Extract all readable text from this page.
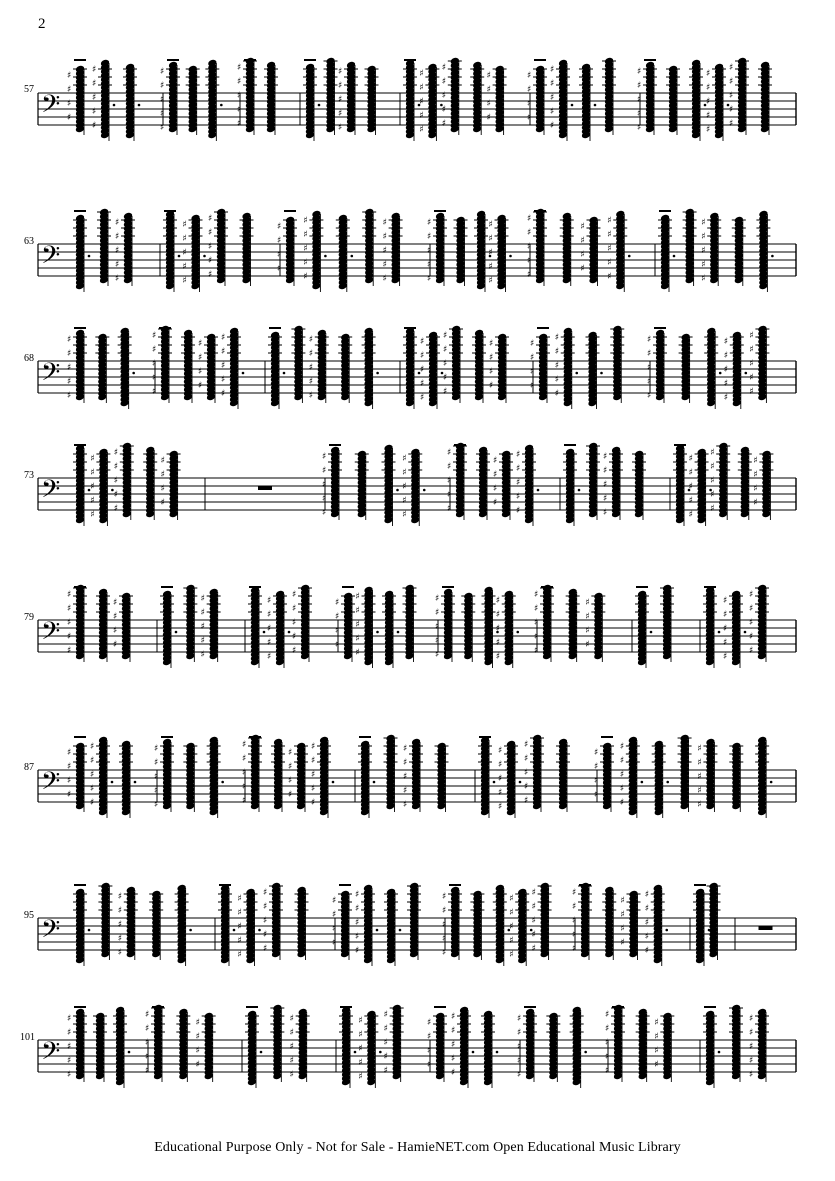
2
57
63
68
73
79
87
95
101
𝄢
♯
♯
♯
♯
♯
♯
♯
♯
♯
♯
♯
♯
♯
♯
♯
♯
♯
♯
♯
♯
♯
♯
♯
♯
♯
♯
♯
♯
♯
♯
♯
♯
♯
♯
♯
♯
♯
♯
♯
♯
♯
♯
♯
♯
♯
♯
♯
♯
♯
♯
♯
♯
♯
♯
♯
♯
♯
♯
♯
♯
♯
♯
𝄢
♯
♯
♯
♯
♯
♯
♯
♯
♯
♯
♯
♯
♯
♯
♯
♯
♯
♯
♯
♯
♯
♯
♯
♯
♯
♯
♯
♯
♯
♯
♯
♯
♯
♯
♯
♯
♯
♯
♯
♯
♯
♯
♯
♯
♯
♯
♯
♯
♯
♯
♯
♯
♯
♯
♯
♯
♯
♯
𝄢
♯
♯
♯
♯
♯
♯
♯
♯
♯
♯
♯
♯
♯
♯
♯
♯
♯
♯
♯
♯
♯
♯
♯
♯
♯
♯
♯
♯
♯
♯
♯
♯
♯
♯
♯
♯
♯
♯
♯
♯
♯
♯
♯
♯
♯
♯
♯
♯
♯
♯
♯
♯
♯
♯
♯
♯
♯
♯
♯
♯
♯
♯
𝄢
♯
♯
♯
♯
♯
♯
♯
♯
♯
♯
♯
♯
♯
♯
♯
♯
♯
♯
♯
♯
♯
♯
♯
♯
♯
♯
♯
♯
♯
♯
♯
♯
♯
♯
♯
♯
♯
♯
♯
♯
♯
♯
♯
♯
♯
♯
♯
♯
♯
♯
♯
♯
♯
♯
♯
♯
♯
𝄢
♯
♯
♯
♯
♯
♯
♯
♯
♯
♯
♯
♯
♯
♯
♯
♯
♯
♯
♯
♯
♯
♯
♯
♯
♯
♯
♯
♯
♯
♯
♯
♯
♯
♯
♯
♯
♯
♯
♯
♯
♯
♯
♯
♯
♯
♯
♯
♯
♯
♯
♯
♯
♯
♯
♯
♯
♯
♯
♯
♯
♯
♯
𝄢
♯
♯
♯
♯
♯
♯
♯
♯
♯
♯
♯
♯
♯
♯
♯
♯
♯
♯
♯
♯
♯
♯
♯
♯
♯
♯
♯
♯
♯
♯
♯
♯
♯
♯
♯
♯
♯
♯
♯
♯
♯
♯
♯
♯
♯
♯
♯
♯
♯
♯
♯
♯
♯
♯
♯
♯
♯
𝄢
♯
♯
♯
♯
♯
♯
♯
♯
♯
♯
♯
♯
♯
♯
♯
♯
♯
♯
♯
♯
♯
♯
♯
♯
♯
♯
♯
♯
♯
♯
♯
♯
♯
♯
♯
♯
♯
♯
♯
♯
♯
♯
♯
♯
♯
♯
♯
♯
♯
♯
♯
♯
♯
𝄢
♯
♯
♯
♯
♯
♯
♯
♯
♯
♯
♯
♯
♯
♯
♯
♯
♯
♯
♯
♯
♯
♯
♯
♯
♯
♯
♯
♯
♯
♯
♯
♯
♯
♯
♯
♯
♯
♯
♯
♯
♯
♯
♯
♯
♯
♯
♯
♯
♯
♯
♯
♯
♯
♯
♯
♯
♯
Educational Purpose Only - Not for Sale - HamieNET.com Open Educational Music Library
